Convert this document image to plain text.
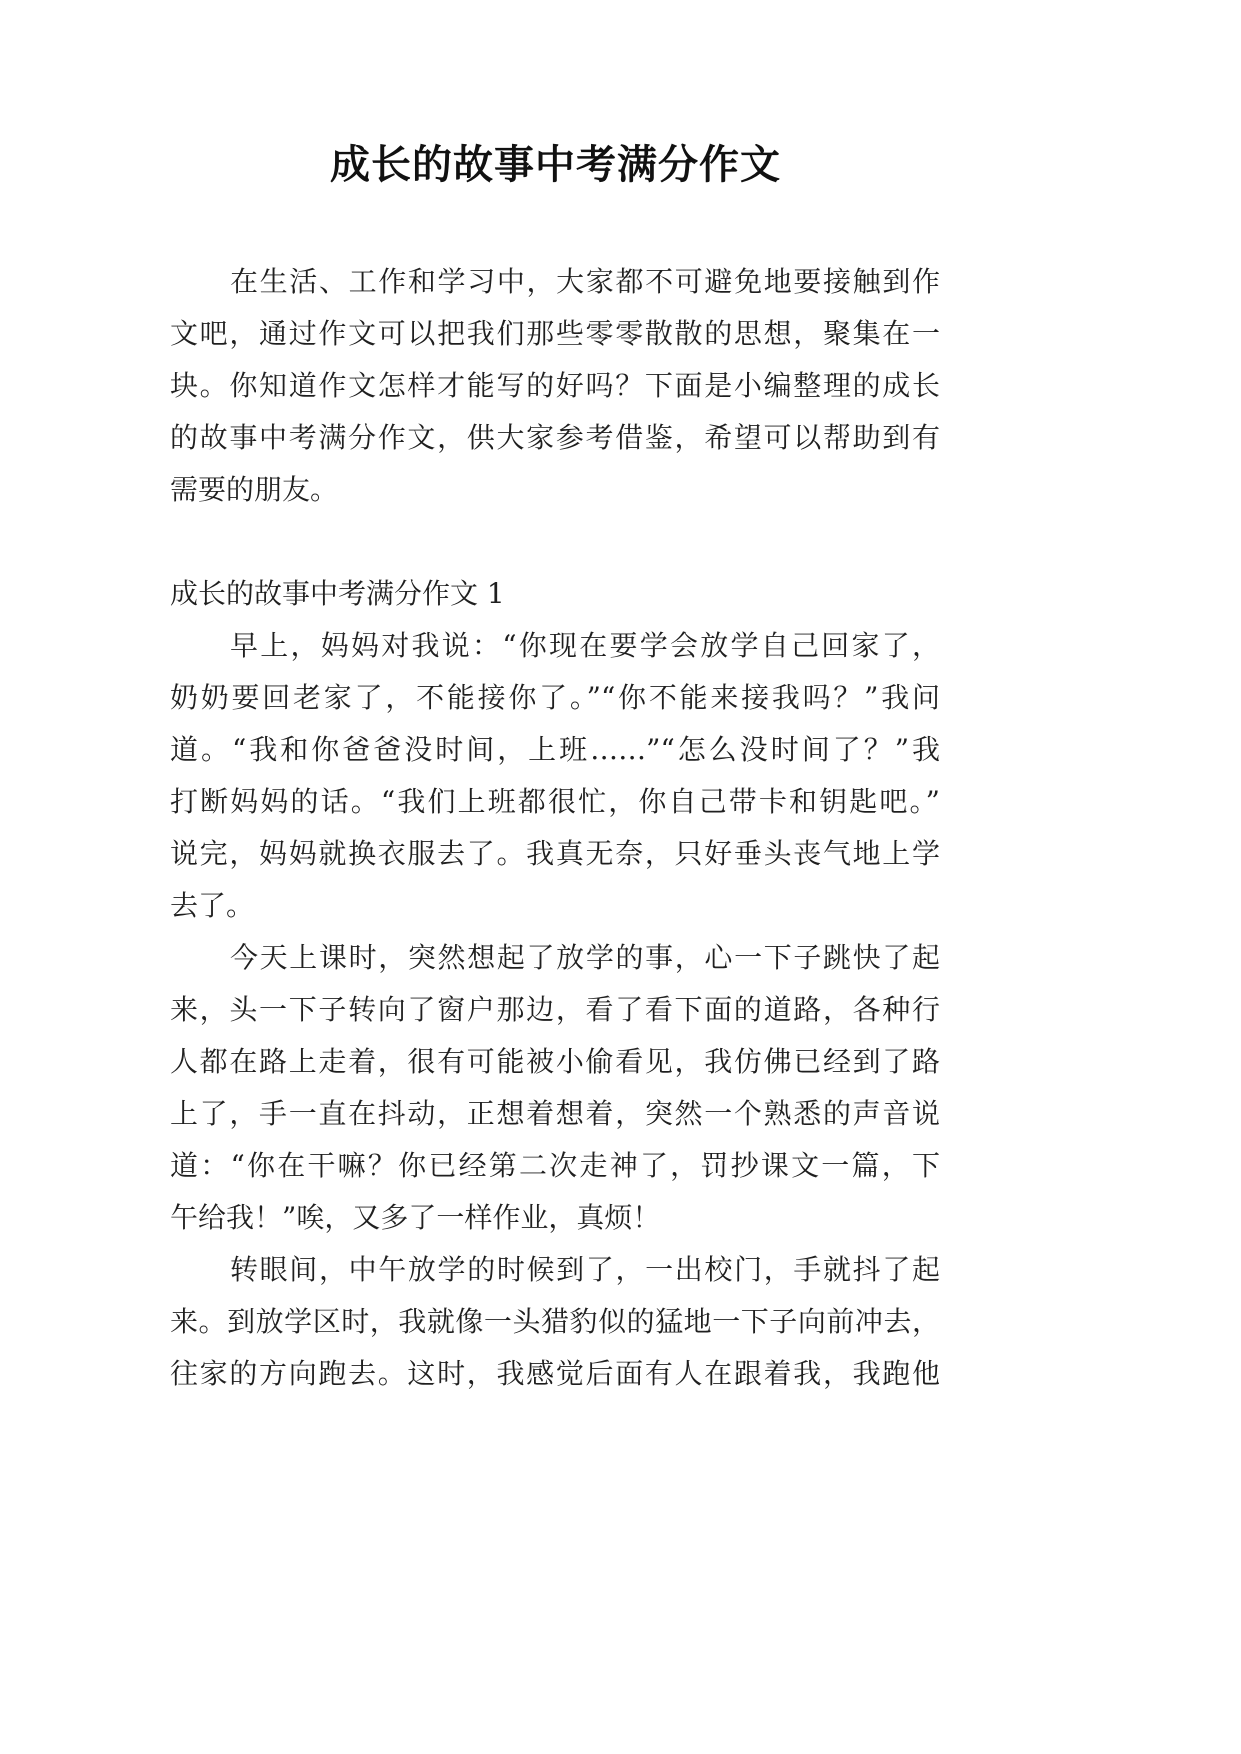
成长的故事中考满分作文
在生活、工作和学习中，大家都不可避免地要接触到作
文吧，通过作文可以把我们那些零零散散的思想，聚集在一
块。你知道作文怎样才能写的好吗？下面是小编整理的成长
的故事中考满分作文，供大家参考借鉴，希望可以帮助到有
需要的朋友。
成长的故事中考满分作文 1
早上，妈妈对我说：“你现在要学会放学自己回家了，
奶奶要回老家了，不能接你了。”“你不能来接我吗？”我问
道。“我和你爸爸没时间，上班……”“怎么没时间了？”我
打断妈妈的话。“我们上班都很忙，你自己带卡和钥匙吧。”
说完，妈妈就换衣服去了。我真无奈，只好垂头丧气地上学
去了。
今天上课时，突然想起了放学的事，心一下子跳快了起
来，头一下子转向了窗户那边，看了看下面的道路，各种行
人都在路上走着，很有可能被小偷看见，我仿佛已经到了路
上了，手一直在抖动，正想着想着，突然一个熟悉的声音说
道：“你在干嘛？你已经第二次走神了，罚抄课文一篇，下
午给我！”唉，又多了一样作业，真烦！
转眼间，中午放学的时候到了，一出校门，手就抖了起
来。到放学区时，我就像一头猎豹似的猛地一下子向前冲去，
往家的方向跑去。这时，我感觉后面有人在跟着我，我跑他
